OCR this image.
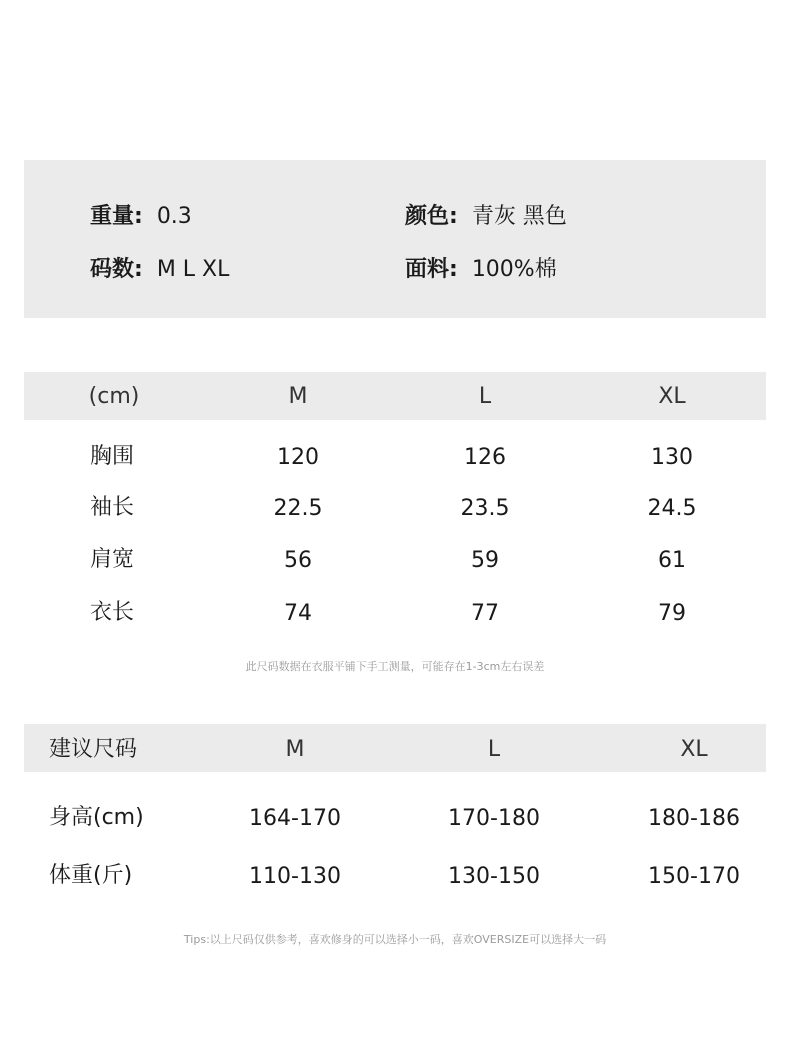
重量: 0.3	颜色: 青灰 黑色
码数: M L XL	面料: 100%棉
(cm)	M	L	XL
胸围	120	126	130
袖长	22.5	23.5	24.5
肩宽	56	59	61
衣长	74	77	79
此尺码数据在衣服平铺下手工测量，可能存在1-3cm左右误差
建议尺码	M	L	XL
身高(cm)	164-170	170-180	180-186
体重(斤)	110-130	130-150	150-170
Tips:以上尺码仅供参考，喜欢修身的可以选择小一码，喜欢OVERSIZE可以选择大一码
